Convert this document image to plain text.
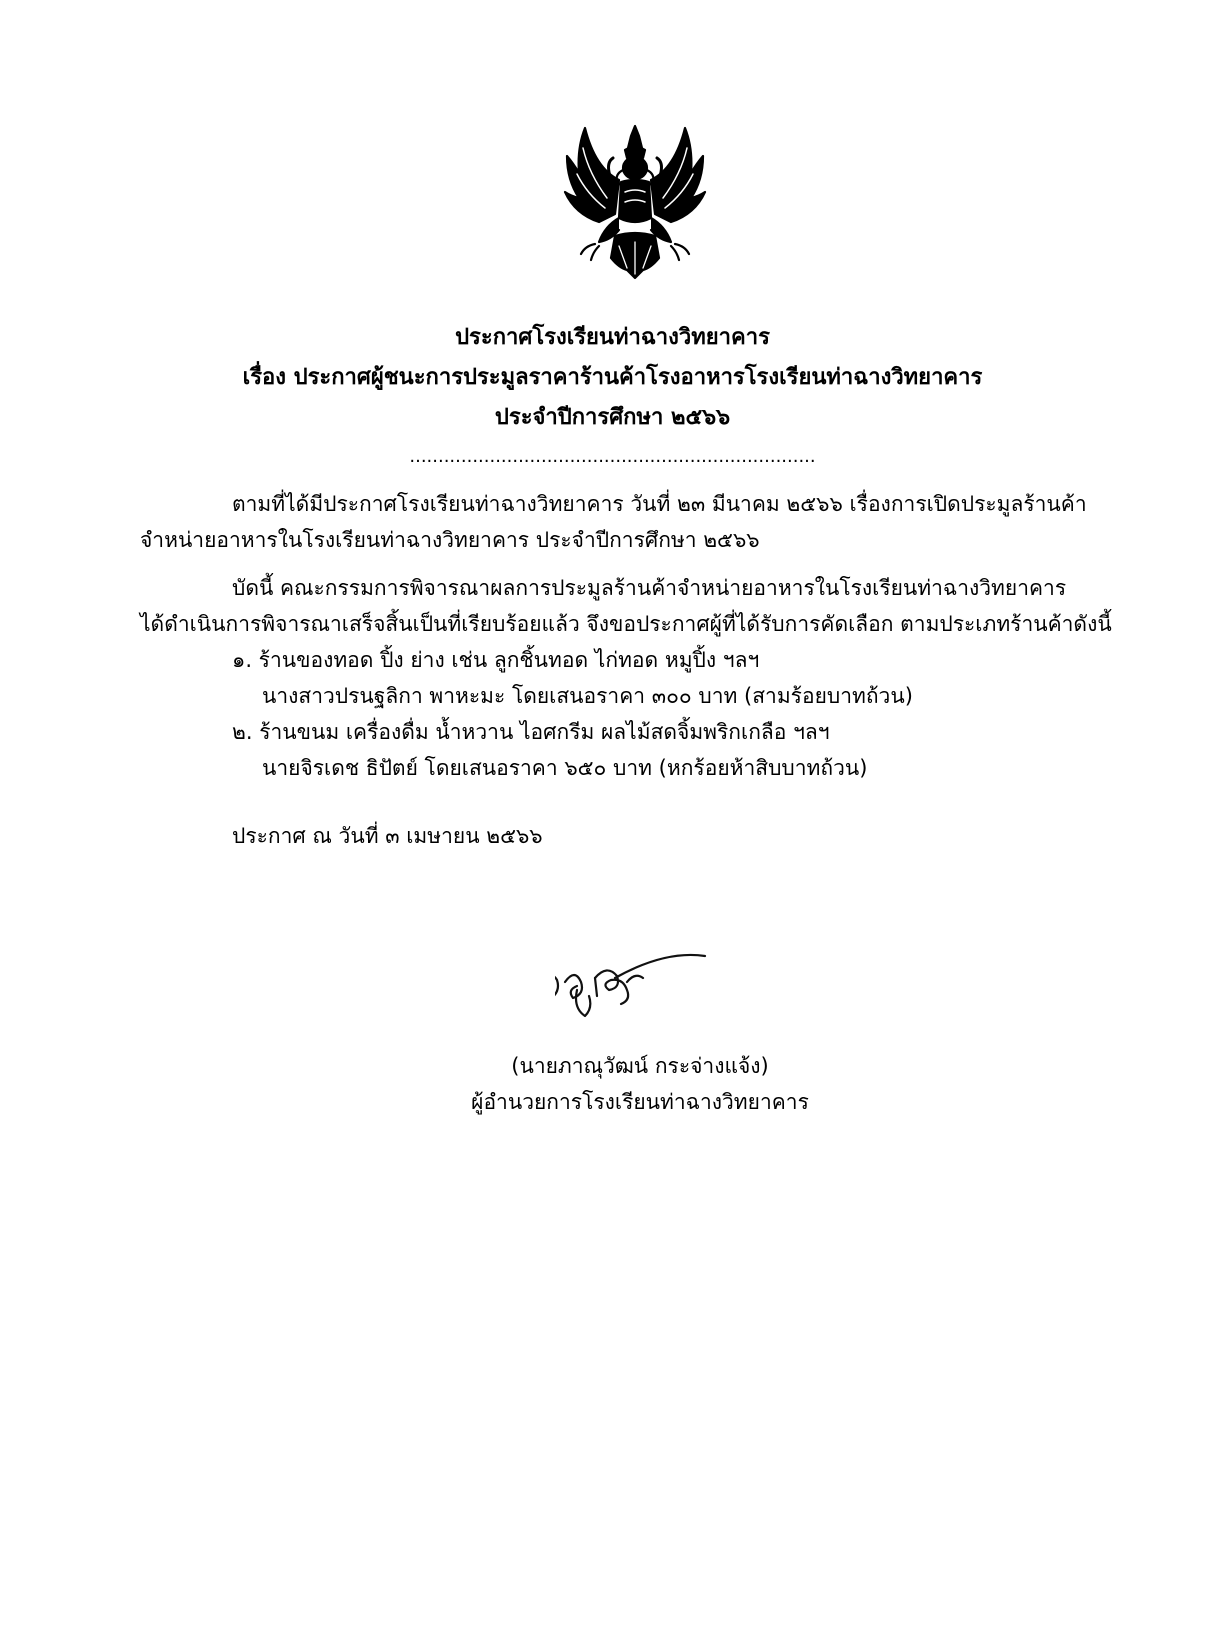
ประกาศโรงเรียนท่าฉางวิทยาคาร
เรื่อง ประกาศผู้ชนะการประมูลราคาร้านค้าโรงอาหารโรงเรียนท่าฉางวิทยาคาร
ประจำปีการศึกษา ๒๕๖๖
.......................................................................
ตามที่ได้มีประกาศโรงเรียนท่าฉางวิทยาคาร วันที่ ๒๓ มีนาคม ๒๕๖๖ เรื่องการเปิดประมูลร้านค้า
จำหน่ายอาหารในโรงเรียนท่าฉางวิทยาคาร ประจำปีการศึกษา ๒๕๖๖
บัดนี้ คณะกรรมการพิจารณาผลการประมูลร้านค้าจำหน่ายอาหารในโรงเรียนท่าฉางวิทยาคาร
ได้ดำเนินการพิจารณาเสร็จสิ้นเป็นที่เรียบร้อยแล้ว จึงขอประกาศผู้ที่ได้รับการคัดเลือก ตามประเภทร้านค้าดังนี้
๑. ร้านของทอด ปิ้ง ย่าง เช่น ลูกชิ้นทอด ไก่ทอด หมูปิ้ง ฯลฯ
นางสาวปรนฐลิกา พาหะมะ โดยเสนอราคา ๓๐๐ บาท (สามร้อยบาทถ้วน)
๒. ร้านขนม เครื่องดื่ม น้ำหวาน ไอศกรีม ผลไม้สดจิ้มพริกเกลือ ฯลฯ
นายจิรเดช ธิปัตย์ โดยเสนอราคา ๖๕๐ บาท (หกร้อยห้าสิบบาทถ้วน)
ประกาศ ณ วันที่ ๓ เมษายน ๒๕๖๖
(นายภาณุวัฒน์ กระจ่างแจ้ง)
ผู้อำนวยการโรงเรียนท่าฉางวิทยาคาร
